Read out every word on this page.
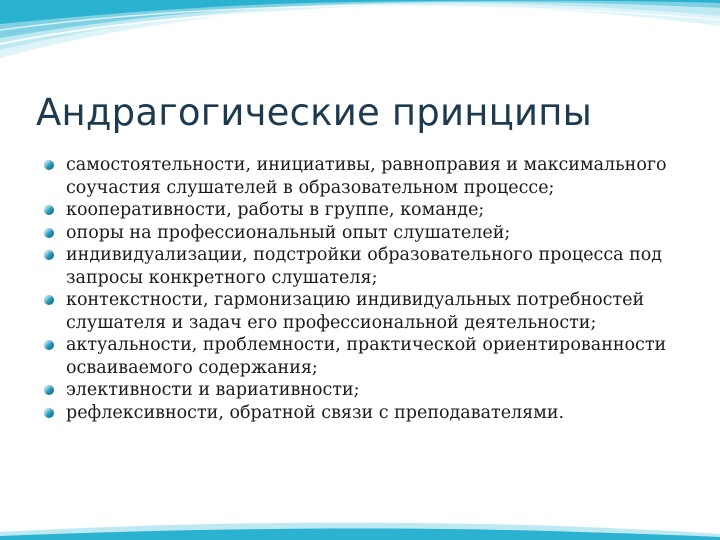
Андрагогические принципы
самостоятельности, инициативы, равноправия и максимального соучастия слушателей в образовательном процессе;
кооперативности, работы в группе, команде;
опоры на профессиональный опыт слушателей;
индивидуализации, подстройки образовательного процесса под запросы конкретного слушателя;
контекстности, гармонизацию индивидуальных потребностей слушателя и задач его профессиональной деятельности;
актуальности, проблемности, практической ориентированности осваиваемого содержания;
элективности и вариативности;
рефлексивности, обратной связи с преподавателями.
